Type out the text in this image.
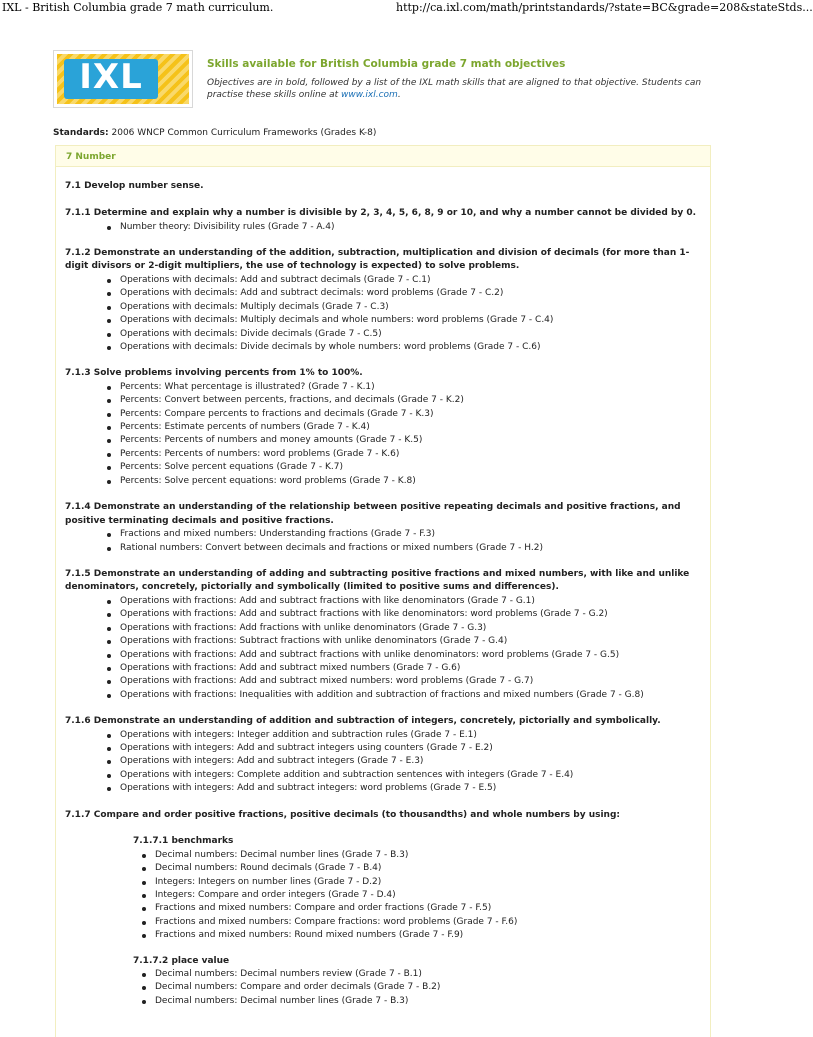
IXL - British Columbia grade 7 math curriculum.	http://ca.ixl.com/math/printstandards/?state=BC&grade=208&stateStds...
IXL	Skills available for British Columbia grade 7 math objectives
Objectives are in bold, followed by a list of the IXL math skills that are aligned to that objective. Students can practise these skills online at www.ixl.com.
Standards: 2006 WNCP Common Curriculum Frameworks (Grades K-8)
7 Number
7.1 Develop number sense.
7.1.1 Determine and explain why a number is divisible by 2, 3, 4, 5, 6, 8, 9 or 10, and why a number cannot be divided by 0.
Number theory: Divisibility rules (Grade 7 - A.4)
7.1.2 Demonstrate an understanding of the addition, subtraction, multiplication and division of decimals (for more than 1-digit divisors or 2-digit multipliers, the use of technology is expected) to solve problems.
Operations with decimals: Add and subtract decimals (Grade 7 - C.1)
Operations with decimals: Add and subtract decimals: word problems (Grade 7 - C.2)
Operations with decimals: Multiply decimals (Grade 7 - C.3)
Operations with decimals: Multiply decimals and whole numbers: word problems (Grade 7 - C.4)
Operations with decimals: Divide decimals (Grade 7 - C.5)
Operations with decimals: Divide decimals by whole numbers: word problems (Grade 7 - C.6)
7.1.3 Solve problems involving percents from 1% to 100%.
Percents: What percentage is illustrated? (Grade 7 - K.1)
Percents: Convert between percents, fractions, and decimals (Grade 7 - K.2)
Percents: Compare percents to fractions and decimals (Grade 7 - K.3)
Percents: Estimate percents of numbers (Grade 7 - K.4)
Percents: Percents of numbers and money amounts (Grade 7 - K.5)
Percents: Percents of numbers: word problems (Grade 7 - K.6)
Percents: Solve percent equations (Grade 7 - K.7)
Percents: Solve percent equations: word problems (Grade 7 - K.8)
7.1.4 Demonstrate an understanding of the relationship between positive repeating decimals and positive fractions, and positive terminating decimals and positive fractions.
Fractions and mixed numbers: Understanding fractions (Grade 7 - F.3)
Rational numbers: Convert between decimals and fractions or mixed numbers (Grade 7 - H.2)
7.1.5 Demonstrate an understanding of adding and subtracting positive fractions and mixed numbers, with like and unlike denominators, concretely, pictorially and symbolically (limited to positive sums and differences).
Operations with fractions: Add and subtract fractions with like denominators (Grade 7 - G.1)
Operations with fractions: Add and subtract fractions with like denominators: word problems (Grade 7 - G.2)
Operations with fractions: Add fractions with unlike denominators (Grade 7 - G.3)
Operations with fractions: Subtract fractions with unlike denominators (Grade 7 - G.4)
Operations with fractions: Add and subtract fractions with unlike denominators: word problems (Grade 7 - G.5)
Operations with fractions: Add and subtract mixed numbers (Grade 7 - G.6)
Operations with fractions: Add and subtract mixed numbers: word problems (Grade 7 - G.7)
Operations with fractions: Inequalities with addition and subtraction of fractions and mixed numbers (Grade 7 - G.8)
7.1.6 Demonstrate an understanding of addition and subtraction of integers, concretely, pictorially and symbolically.
Operations with integers: Integer addition and subtraction rules (Grade 7 - E.1)
Operations with integers: Add and subtract integers using counters (Grade 7 - E.2)
Operations with integers: Add and subtract integers (Grade 7 - E.3)
Operations with integers: Complete addition and subtraction sentences with integers (Grade 7 - E.4)
Operations with integers: Add and subtract integers: word problems (Grade 7 - E.5)
7.1.7 Compare and order positive fractions, positive decimals (to thousandths) and whole numbers by using:
7.1.7.1 benchmarks
Decimal numbers: Decimal number lines (Grade 7 - B.3)
Decimal numbers: Round decimals (Grade 7 - B.4)
Integers: Integers on number lines (Grade 7 - D.2)
Integers: Compare and order integers (Grade 7 - D.4)
Fractions and mixed numbers: Compare and order fractions (Grade 7 - F.5)
Fractions and mixed numbers: Compare fractions: word problems (Grade 7 - F.6)
Fractions and mixed numbers: Round mixed numbers (Grade 7 - F.9)
7.1.7.2 place value
Decimal numbers: Decimal numbers review (Grade 7 - B.1)
Decimal numbers: Compare and order decimals (Grade 7 - B.2)
Decimal numbers: Decimal number lines (Grade 7 - B.3)
